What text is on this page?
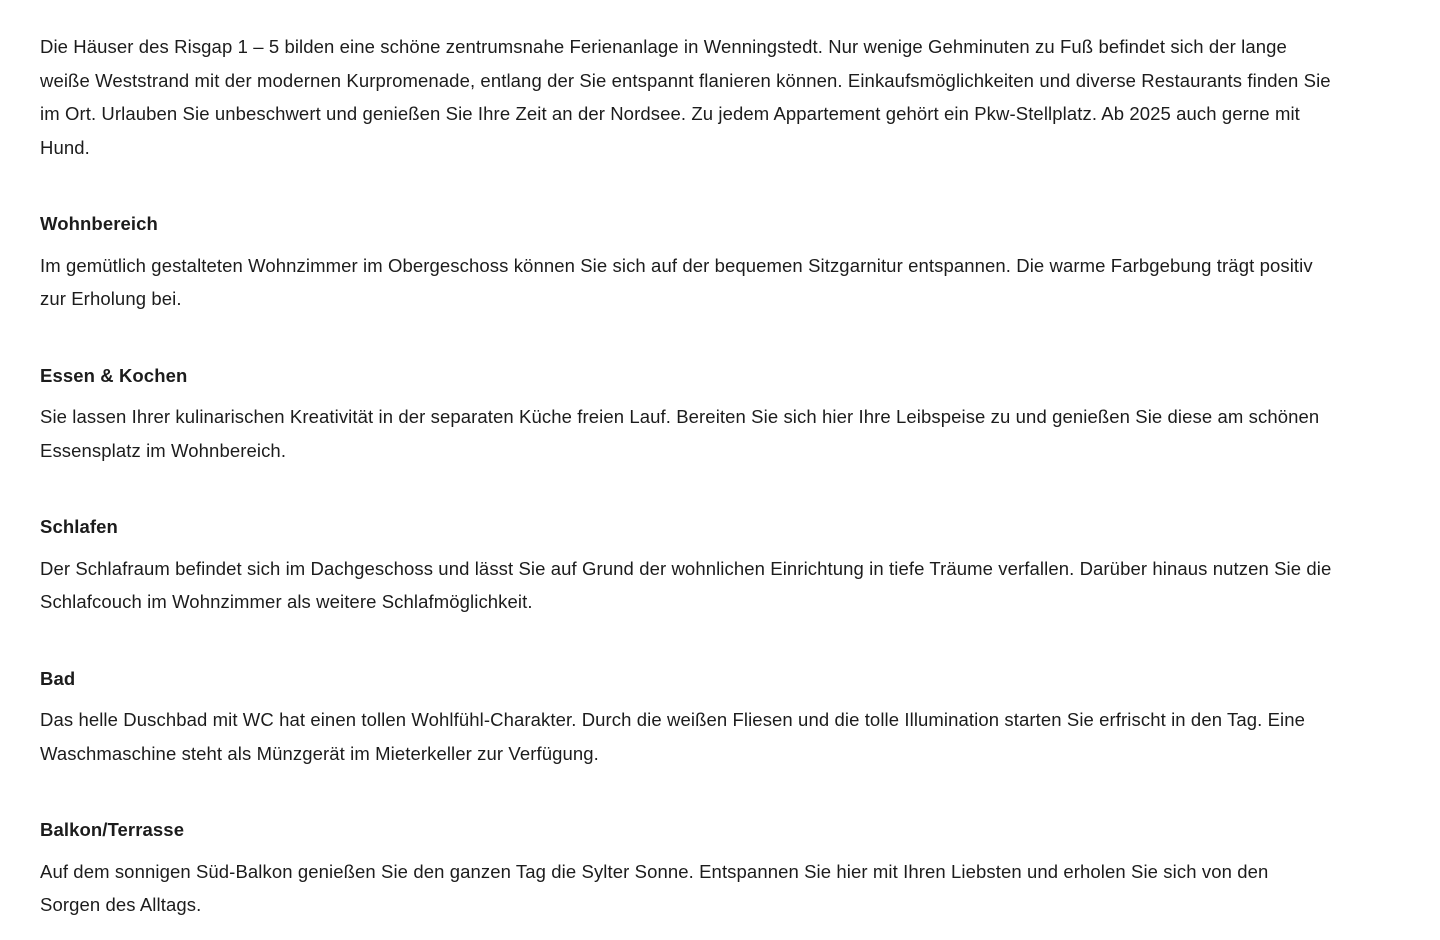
Die Häuser des Risgap 1 – 5 bilden eine schöne zentrumsnahe Ferienanlage in Wenningstedt. Nur wenige Gehminuten zu Fuß befindet sich der lange weiße Weststrand mit der modernen Kurpromenade, entlang der Sie entspannt flanieren können. Einkaufsmöglichkeiten und diverse Restaurants finden Sie im Ort. Urlauben Sie unbeschwert und genießen Sie Ihre Zeit an der Nordsee. Zu jedem Appartement gehört ein Pkw-Stellplatz. Ab 2025 auch gerne mit Hund.

Wohnbereich

Im gemütlich gestalteten Wohnzimmer im Obergeschoss können Sie sich auf der bequemen Sitzgarnitur entspannen. Die warme Farbgebung trägt positiv zur Erholung bei.

Essen & Kochen

Sie lassen Ihrer kulinarischen Kreativität in der separaten Küche freien Lauf. Bereiten Sie sich hier Ihre Leibspeise zu und genießen Sie diese am schönen Essensplatz im Wohnbereich.

Schlafen

Der Schlafraum befindet sich im Dachgeschoss und lässt Sie auf Grund der wohnlichen Einrichtung in tiefe Träume verfallen. Darüber hinaus nutzen Sie die Schlafcouch im Wohnzimmer als weitere Schlafmöglichkeit.

Bad

Das helle Duschbad mit WC hat einen tollen Wohlfühl-Charakter. Durch die weißen Fliesen und die tolle Illumination starten Sie erfrischt in den Tag. Eine Waschmaschine steht als Münzgerät im Mieterkeller zur Verfügung.

Balkon/Terrasse

Auf dem sonnigen Süd-Balkon genießen Sie den ganzen Tag die Sylter Sonne. Entspannen Sie hier mit Ihren Liebsten und erholen Sie sich von den Sorgen des Alltags.
